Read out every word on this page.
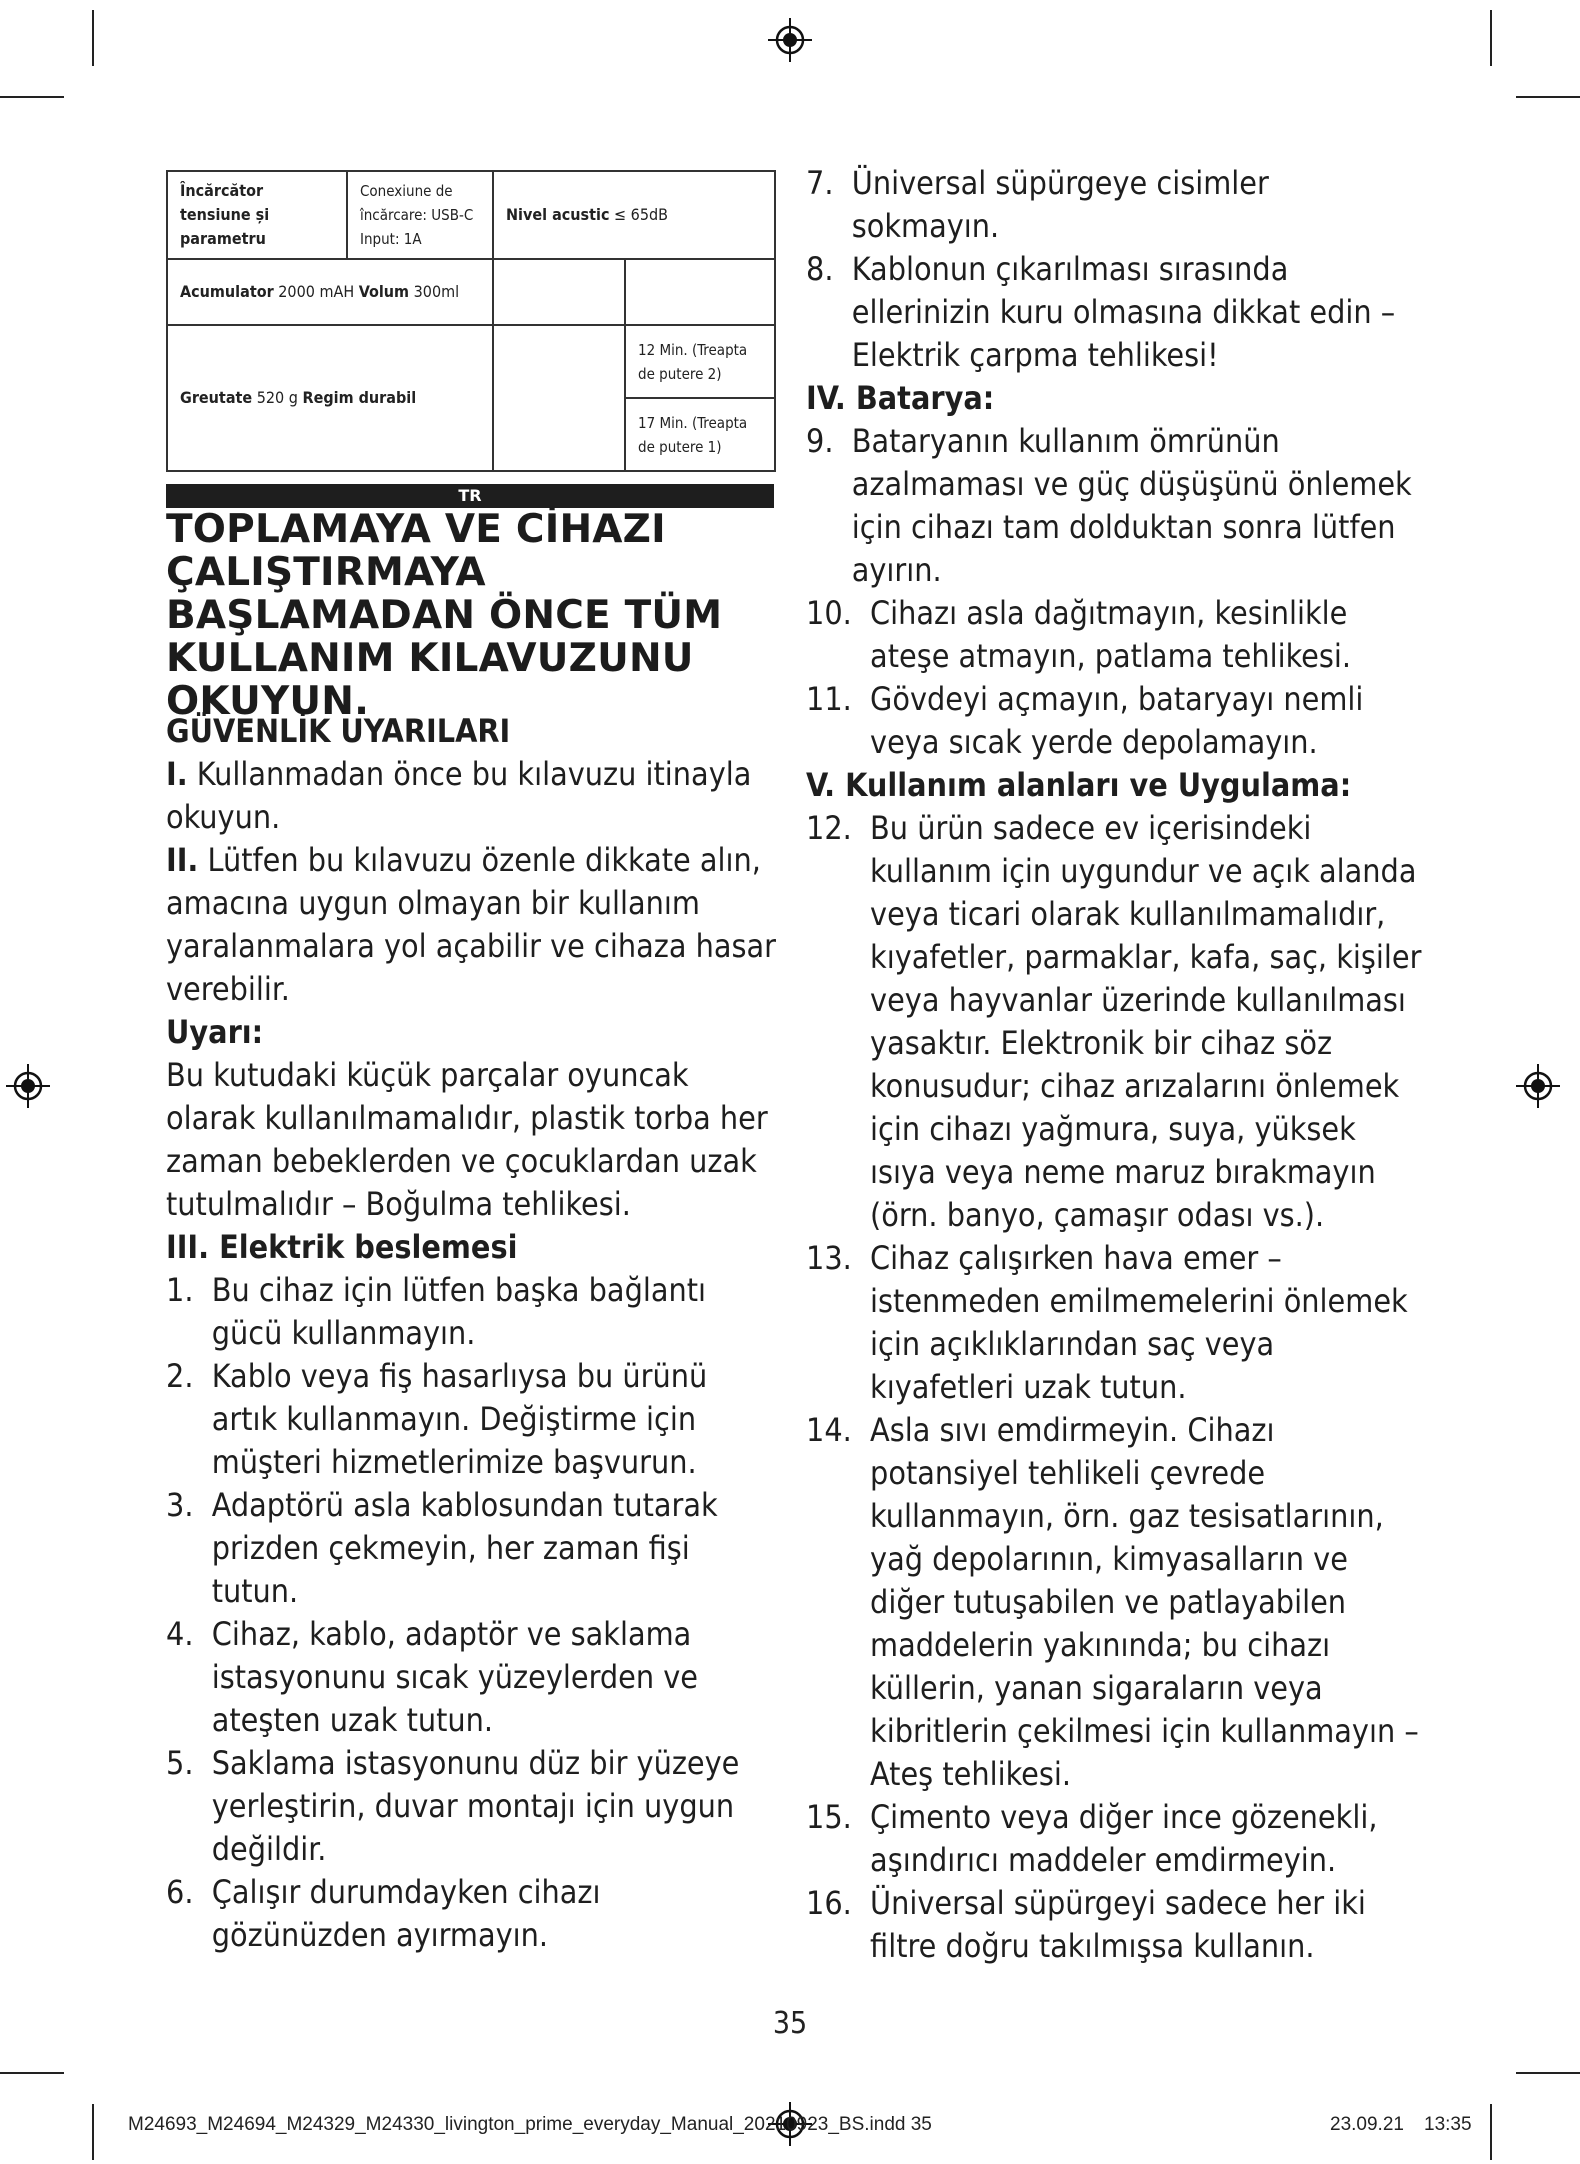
Încărcător tensiune și parametru	Conexiune de încărcare: USB-C Input: 1A	Nivel acustic ≤ 65dB	
Acumulator 2000 mAH Volum 300ml			
Greutate 520 g Regim durabil			12 Min. (Treapta de putere 2)
			17 Min. (Treapta de putere 1)
TR
TOPLAMAYA VE CİHAZI ÇALIŞTIRMAYA BAŞLAMADAN ÖNCE TÜM KULLANIM KILAVUZUNU OKUYUN.

GÜVENLİK UYARILARI

I. Kullanmadan önce bu kılavuzu itinayla okuyun.

II. Lütfen bu kılavuzu özenle dikkate alın, amacına uygun olmayan bir kullanım yaralanmalara yol açabilir ve cihaza hasar verebilir.

Uyarı:

Bu kutudaki küçük parçalar oyuncak olarak kullanılmamalıdır, plastik torba her zaman bebeklerden ve çocuklardan uzak tutulmalıdır – Boğulma tehlikesi.

III. Elektrik beslemesi

1. Bu cihaz için lütfen başka bağlantı gücü kullanmayın.
2. Kablo veya fiş hasarlıysa bu ürünü artık kullanmayın. Değiştirme için müşteri hizmetlerimize başvurun.
3. Adaptörü asla kablosundan tutarak prizden çekmeyin, her zaman fişi tutun.
4. Cihaz, kablo, adaptör ve saklama istasyonunu sıcak yüzeylerden ve ateşten uzak tutun.
5. Saklama istasyonunu düz bir yüzeye yerleştirin, duvar montajı için uygun değildir.
6. Çalışır durumdayken cihazı gözünüzden ayırmayın.
7. Üniversal süpürgeye cisimler sokmayın.
8. Kablonun çıkarılması sırasında ellerinizin kuru olmasına dikkat edin – Elektrik çarpma tehlikesi!

IV. Batarya:

9. Bataryanın kullanım ömrünün azalmaması ve güç düşüşünü önlemek için cihazı tam dolduktan sonra lütfen ayırın.
10. Cihazı asla dağıtmayın, kesinlikle ateşe atmayın, patlama tehlikesi.
11. Gövdeyi açmayın, bataryayı nemli veya sıcak yerde depolamayın.

V. Kullanım alanları ve Uygulama:

12. Bu ürün sadece ev içerisindeki kullanım için uygundur ve açık alanda veya ticari olarak kullanılmamalıdır, kıyafetler, parmaklar, kafa, saç, kişiler veya hayvanlar üzerinde kullanılması yasaktır. Elektronik bir cihaz söz konusudur; cihaz arızalarını önlemek için cihazı yağmura, suya, yüksek ısıya veya neme maruz bırakmayın (örn. banyo, çamaşır odası vs.).
13. Cihaz çalışırken hava emer – istenmeden emilmemelerini önlemek için açıklıklarından saç veya kıyafetleri uzak tutun.
14. Asla sıvı emdirmeyin. Cihazı potansiyel tehlikeli çevrede kullanmayın, örn. gaz tesisatlarının, yağ depolarının, kimyasalların ve diğer tutuşabilen ve patlayabilen maddelerin yakınında; bu cihazı küllerin, yanan sigaraların veya kibritlerin çekilmesi için kullanmayın – Ateş tehlikesi.
15. Çimento veya diğer ince gözenekli, aşındırıcı maddeler emdirmeyin.
16. Üniversal süpürgeyi sadece her iki filtre doğru takılmışsa kullanın.
35
M24693_M24694_M24329_M24330_livington_prime_everyday_Manual_20210923_BS.indd 35	23.09.21 13:35
